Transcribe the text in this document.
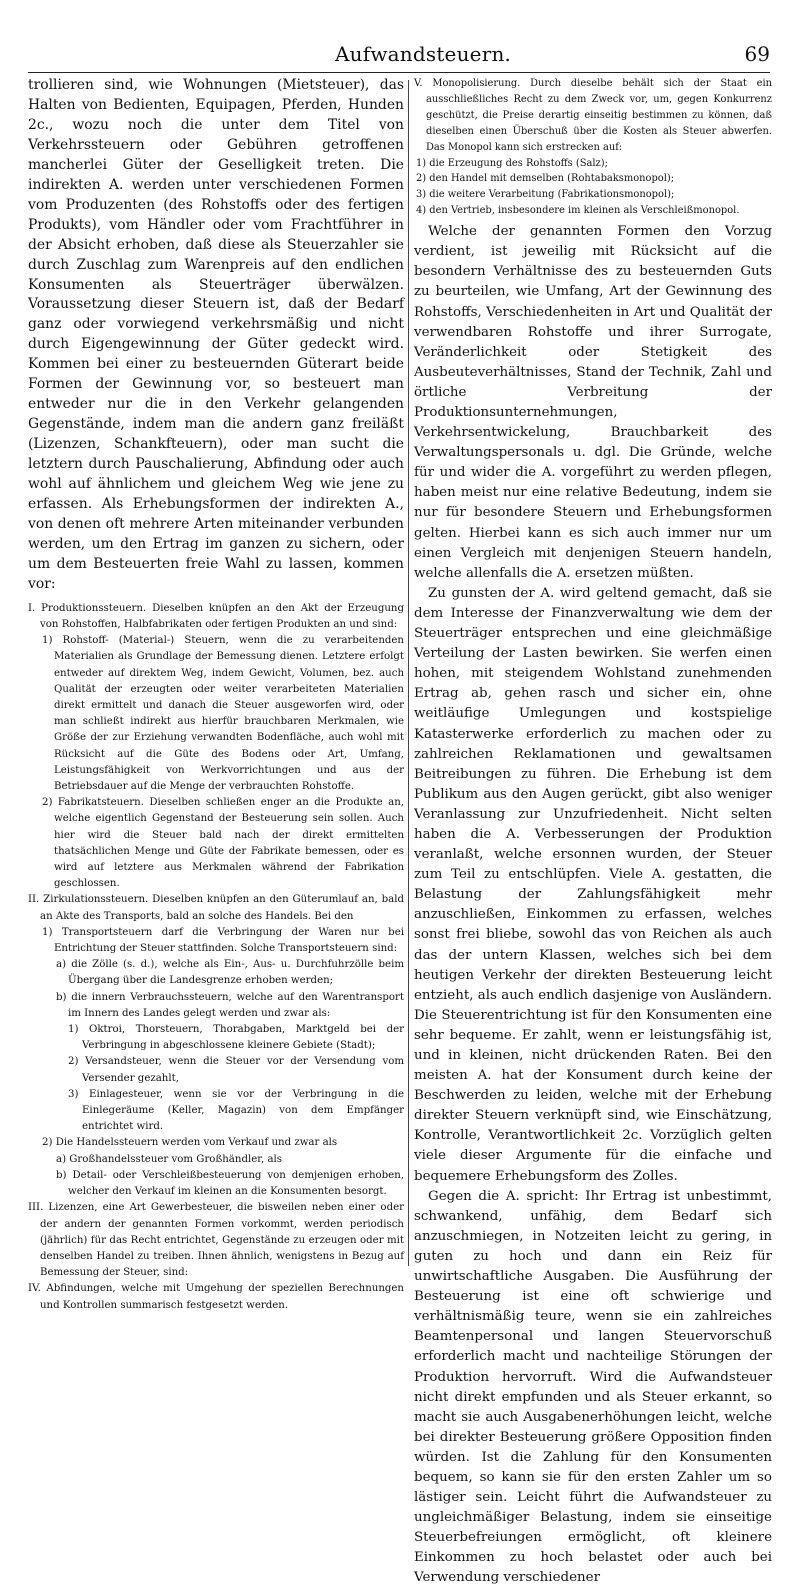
Aufwandsteuern.	69

trollieren sind, wie Wohnungen (Mietsteuer), das Halten von Bedienten, Equipagen, Pferden, Hunden 2c., wozu noch die unter dem Titel von Verkehrssteuern oder Gebühren getroffenen mancherlei Güter der Geselligkeit treten. Die indirekten A. werden unter verschiedenen Formen vom Produzenten (des Rohstoffs oder des fertigen Produkts), vom Händler oder vom Frachtführer in der Absicht erhoben, daß diese als Steuerzahler sie durch Zuschlag zum Warenpreis auf den endlichen Konsumenten als Steuerträger überwälzen. Voraussetzung dieser Steuern ist, daß der Bedarf ganz oder vorwiegend verkehrsmäßig und nicht durch Eigengewinnung der Güter gedeckt wird. Kommen bei einer zu besteuernden Güterart beide Formen der Gewinnung vor, so besteuert man entweder nur die in den Verkehr gelangenden Gegenstände, indem man die andern ganz freiläßt (Lizenzen, Schankfteuern), oder man sucht die letztern durch Pauschalierung, Abfindung oder auch wohl auf ähnlichem und gleichem Weg wie jene zu erfassen. Als Erhebungsformen der indirekten A., von denen oft mehrere Arten miteinander verbunden werden, um den Ertrag im ganzen zu sichern, oder um dem Besteuerten freie Wahl zu lassen, kommen vor:

I. Produktionssteuern. Dieselben knüpfen an den Akt der Erzeugung von Rohstoffen, Halbfabrikaten oder fertigen Produkten an und sind:

1) Rohstoff- (Material-) Steuern, wenn die zu verarbeitenden Materialien als Grundlage der Bemessung dienen. Letztere erfolgt entweder auf direktem Weg, indem Gewicht, Volumen, bez. auch Qualität der erzeugten oder weiter verarbeiteten Materialien direkt ermittelt und danach die Steuer ausgeworfen wird, oder man schließt indirekt aus hierfür brauchbaren Merkmalen, wie Größe der zur Erziehung verwandten Bodenfläche, auch wohl mit Rücksicht auf die Güte des Bodens oder Art, Umfang, Leistungsfähigkeit von Werkvorrichtungen und aus der Betriebsdauer auf die Menge der verbrauchten Rohstoffe.

2) Fabrikatsteuern. Dieselben schließen enger an die Produkte an, welche eigentlich Gegenstand der Besteuerung sein sollen. Auch hier wird die Steuer bald nach der direkt ermittelten thatsächlichen Menge und Güte der Fabrikate bemessen, oder es wird auf letztere aus Merkmalen während der Fabrikation geschlossen.

II. Zirkulationssteuern. Dieselben knüpfen an den Güterumlauf an, bald an Akte des Transports, bald an solche des Handels. Bei den

1) Transportsteuern darf die Verbringung der Waren nur bei Entrichtung der Steuer stattfinden. Solche Transportsteuern sind:

a) die Zölle (s. d.), welche als Ein-, Aus- u. Durchfuhrzölle beim Übergang über die Landesgrenze erhoben werden;

b) die innern Verbrauchssteuern, welche auf den Warentransport im Innern des Landes gelegt werden und zwar als:

1) Oktroi, Thorsteuern, Thorabgaben, Marktgeld bei der Verbringung in abgeschlossene kleinere Gebiete (Stadt);

2) Versandsteuer, wenn die Steuer vor der Versendung vom Versender gezahlt,

3) Einlagesteuer, wenn sie vor der Verbringung in die Einlegeräume (Keller, Magazin) von dem Empfänger entrichtet wird.

2) Die Handelssteuern werden vom Verkauf und zwar als

a) Großhandelssteuer vom Großhändler, als

b) Detail- oder Verschleißbesteuerung von demjenigen erhoben, welcher den Verkauf im kleinen an die Konsumenten besorgt.

III. Lizenzen, eine Art Gewerbesteuer, die bisweilen neben einer oder der andern der genannten Formen vorkommt, werden periodisch (jährlich) für das Recht entrichtet, Gegenstände zu erzeugen oder mit denselben Handel zu treiben. Ihnen ähnlich, wenigstens in Bezug auf Bemessung der Steuer, sind:

IV. Abfindungen, welche mit Umgehung der speziellen Berechnungen und Kontrollen summarisch festgesetzt werden.

V. Monopolisierung. Durch dieselbe behält sich der Staat ein ausschließliches Recht zu dem Zweck vor, um, gegen Konkurrenz geschützt, die Preise derartig einseitig bestimmen zu können, daß dieselben einen Überschuß über die Kosten als Steuer abwerfen. Das Monopol kann sich erstrecken auf:

1) die Erzeugung des Rohstoffs (Salz);

2) den Handel mit demselben (Rohtabaksmonopol);

3) die weitere Verarbeitung (Fabrikationsmonopol);

4) den Vertrieb, insbesondere im kleinen als Verschleißmonopol.

Welche der genannten Formen den Vorzug verdient, ist jeweilig mit Rücksicht auf die besondern Verhältnisse des zu besteuernden Guts zu beurteilen, wie Umfang, Art der Gewinnung des Rohstoffs, Verschiedenheiten in Art und Qualität der verwendbaren Rohstoffe und ihrer Surrogate, Veränderlichkeit oder Stetigkeit des Ausbeuteverhältnisses, Stand der Technik, Zahl und örtliche Verbreitung der Produktionsunternehmungen, Verkehrsentwickelung, Brauchbarkeit des Verwaltungspersonals u. dgl. Die Gründe, welche für und wider die A. vorgeführt zu werden pflegen, haben meist nur eine relative Bedeutung, indem sie nur für besondere Steuern und Erhebungsformen gelten. Hierbei kann es sich auch immer nur um einen Vergleich mit denjenigen Steuern handeln, welche allenfalls die A. ersetzen müßten.

Zu gunsten der A. wird geltend gemacht, daß sie dem Interesse der Finanzverwaltung wie dem der Steuerträger entsprechen und eine gleichmäßige Verteilung der Lasten bewirken. Sie werfen einen hohen, mit steigendem Wohlstand zunehmenden Ertrag ab, gehen rasch und sicher ein, ohne weitläufige Umlegungen und kostspielige Katasterwerke erforderlich zu machen oder zu zahlreichen Reklamationen und gewaltsamen Beitreibungen zu führen. Die Erhebung ist dem Publikum aus den Augen gerückt, gibt also weniger Veranlassung zur Unzufriedenheit. Nicht selten haben die A. Verbesserungen der Produktion veranlaßt, welche ersonnen wurden, der Steuer zum Teil zu entschlüpfen. Viele A. gestatten, die Belastung der Zahlungsfähigkeit mehr anzuschließen, Einkommen zu erfassen, welches sonst frei bliebe, sowohl das von Reichen als auch das der untern Klassen, welches sich bei dem heutigen Verkehr der direkten Besteuerung leicht entzieht, als auch endlich dasjenige von Ausländern. Die Steuerentrichtung ist für den Konsumenten eine sehr bequeme. Er zahlt, wenn er leistungsfähig ist, und in kleinen, nicht drückenden Raten. Bei den meisten A. hat der Konsument durch keine der Beschwerden zu leiden, welche mit der Erhebung direkter Steuern verknüpft sind, wie Einschätzung, Kontrolle, Verantwortlichkeit 2c. Vorzüglich gelten viele dieser Argumente für die einfache und bequemere Erhebungsform des Zolles.

Gegen die A. spricht: Ihr Ertrag ist unbestimmt, schwankend, unfähig, dem Bedarf sich anzuschmiegen, in Notzeiten leicht zu gering, in guten zu hoch und dann ein Reiz für unwirtschaftliche Ausgaben. Die Ausführung der Besteuerung ist eine oft schwierige und verhältnismäßig teure, wenn sie ein zahlreiches Beamtenpersonal und langen Steuervorschuß erforderlich macht und nachteilige Störungen der Produktion hervorruft. Wird die Aufwandsteuer nicht direkt empfunden und als Steuer erkannt, so macht sie auch Ausgabenerhöhungen leicht, welche bei direkter Besteuerung größere Opposition finden würden. Ist die Zahlung für den Konsumenten bequem, so kann sie für den ersten Zahler um so lästiger sein. Leicht führt die Aufwandsteuer zu ungleichmäßiger Belastung, indem sie einseitige Steuerbefreiungen ermöglicht, oft kleinere Einkommen zu hoch belastet oder auch bei Verwendung verschiedener
